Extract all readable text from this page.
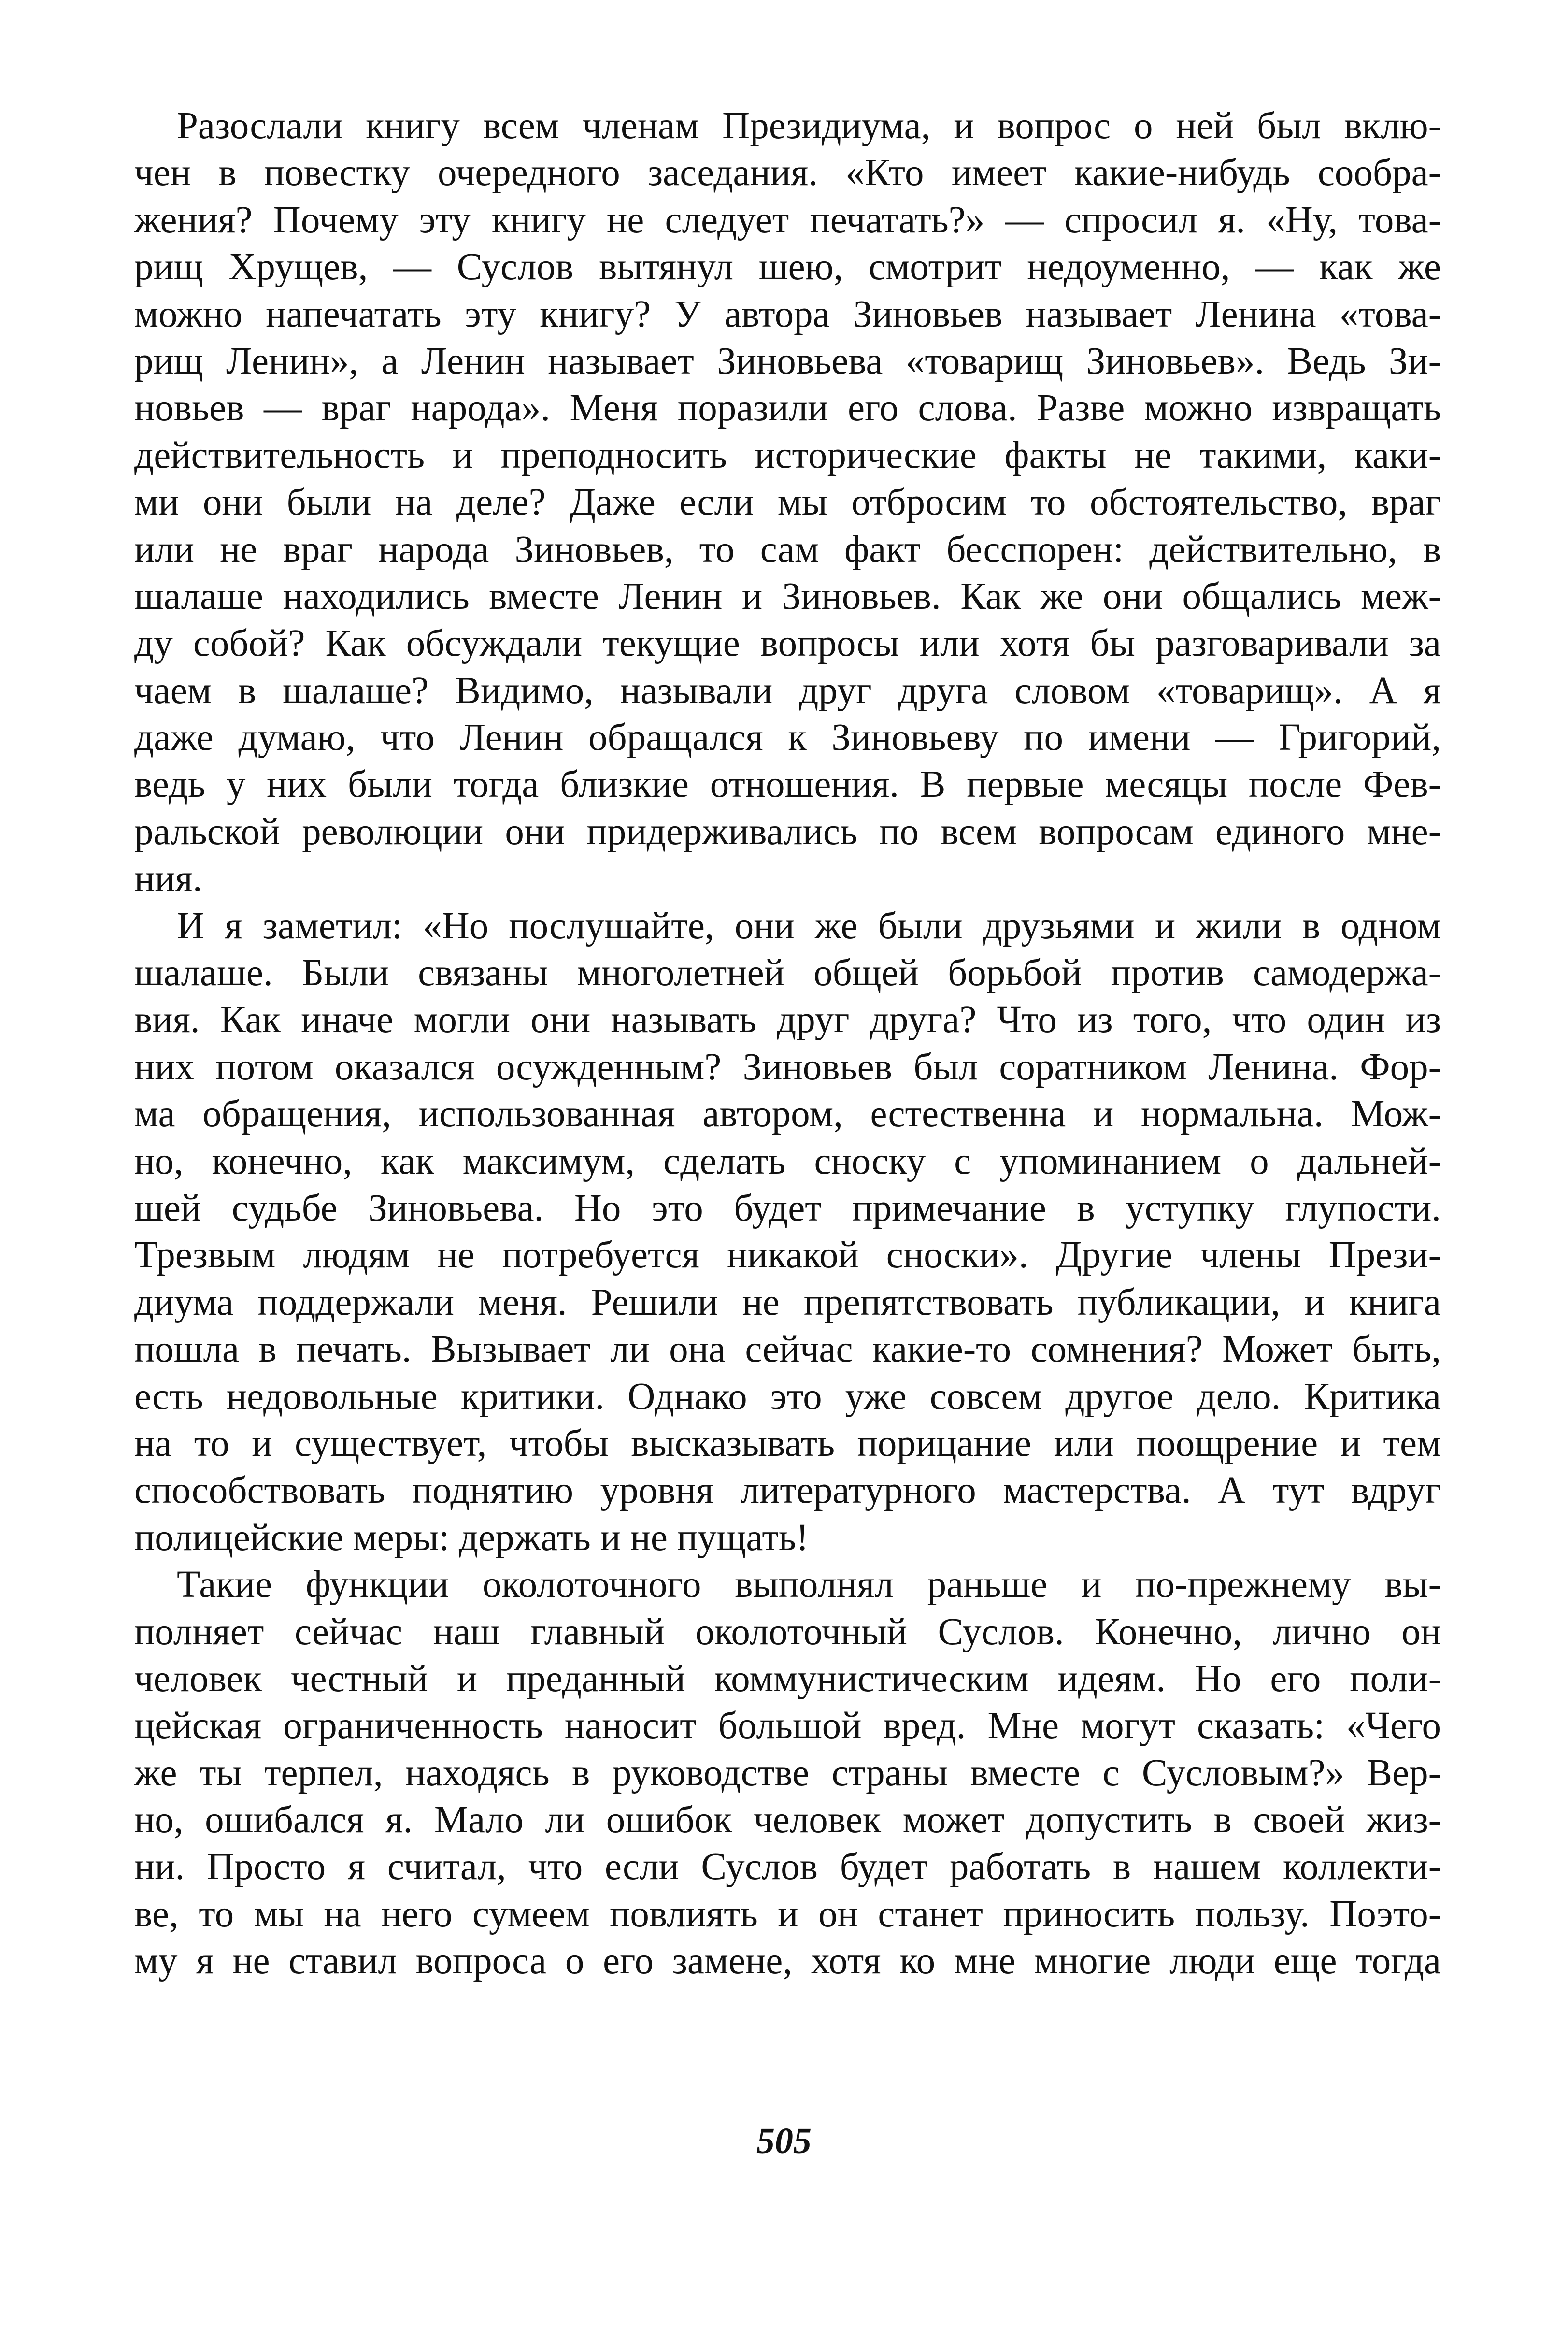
Разослали книгу всем членам Президиума, и вопрос о ней был вклю-
чен в повестку очередного заседания. «Кто имеет какие-нибудь сообра-
жения? Почему эту книгу не следует печатать?» — спросил я. «Ну, това-
рищ Хрущев, — Суслов вытянул шею, смотрит недоуменно, — как же
можно напечатать эту книгу? У автора Зиновьев называет Ленина «това-
рищ Ленин», а Ленин называет Зиновьева «товарищ Зиновьев». Ведь Зи-
новьев — враг народа». Меня поразили его слова. Разве можно извращать
действительность и преподносить исторические факты не такими, каки-
ми они были на деле? Даже если мы отбросим то обстоятельство, враг
или не враг народа Зиновьев, то сам факт бесспорен: действительно, в
шалаше находились вместе Ленин и Зиновьев. Как же они общались меж-
ду собой? Как обсуждали текущие вопросы или хотя бы разговаривали за
чаем в шалаше? Видимо, называли друг друга словом «товарищ». А я
даже думаю, что Ленин обращался к Зиновьеву по имени — Григорий,
ведь у них были тогда близкие отношения. В первые месяцы после Фев-
ральской революции они придерживались по всем вопросам единого мне-
ния.
И я заметил: «Но послушайте, они же были друзьями и жили в одном
шалаше. Были связаны многолетней общей борьбой против самодержа-
вия. Как иначе могли они называть друг друга? Что из того, что один из
них потом оказался осужденным? Зиновьев был соратником Ленина. Фор-
ма обращения, использованная автором, естественна и нормальна. Мож-
но, конечно, как максимум, сделать сноску с упоминанием о дальней-
шей судьбе Зиновьева. Но это будет примечание в уступку глупости.
Трезвым людям не потребуется никакой сноски». Другие члены Прези-
диума поддержали меня. Решили не препятствовать публикации, и книга
пошла в печать. Вызывает ли она сейчас какие-то сомнения? Может быть,
есть недовольные критики. Однако это уже совсем другое дело. Критика
на то и существует, чтобы высказывать порицание или поощрение и тем
способствовать поднятию уровня литературного мастерства. А тут вдруг
полицейские меры: держать и не пущать!
Такие функции околоточного выполнял раньше и по-прежнему вы-
полняет сейчас наш главный околоточный Суслов. Конечно, лично он
человек честный и преданный коммунистическим идеям. Но его поли-
цейская ограниченность наносит большой вред. Мне могут сказать: «Чего
же ты терпел, находясь в руководстве страны вместе с Сусловым?» Вер-
но, ошибался я. Мало ли ошибок человек может допустить в своей жиз-
ни. Просто я считал, что если Суслов будет работать в нашем коллекти-
ве, то мы на него сумеем повлиять и он станет приносить пользу. Поэто-
му я не ставил вопроса о его замене, хотя ко мне многие люди еще тогда
505
